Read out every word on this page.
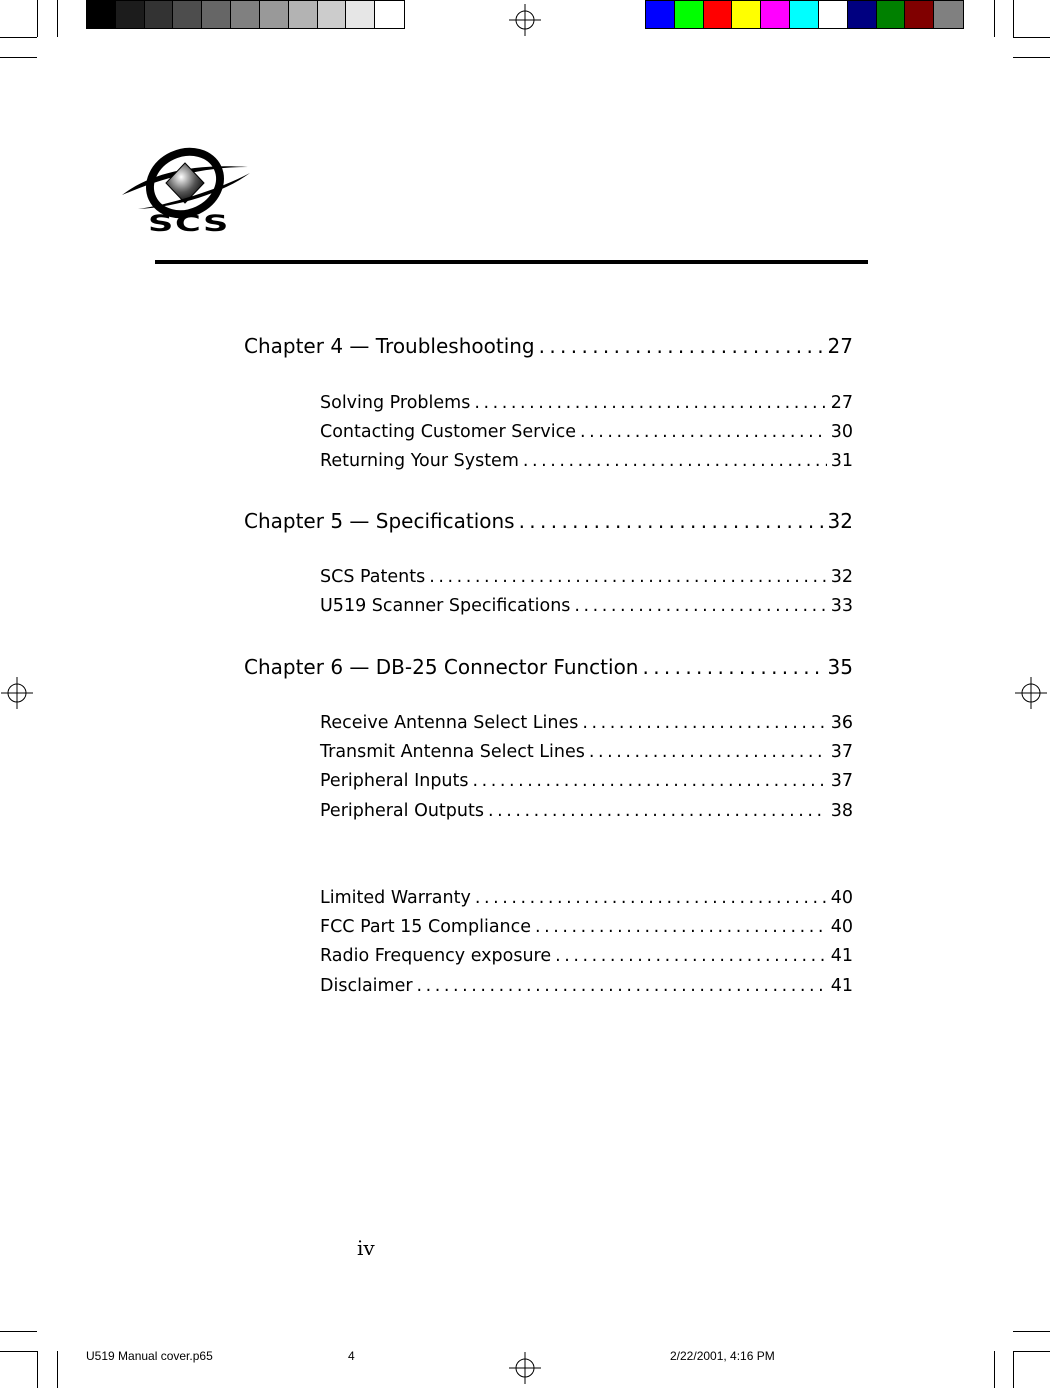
SCS
Chapter 4 — Troubleshooting . . .	27
Solving Problems . . .	27
Contacting Customer Service . . .	30
Returning Your System . . .	31
Chapter 5 — Specifications . . .	32
SCS Patents . . .	32
U519 Scanner Specifications . . .	33
Chapter 6 — DB-25 Connector Function . . .	35
Receive Antenna Select Lines . . .	36
Transmit Antenna Select Lines . . .	37
Peripheral Inputs . . .	37
Peripheral Outputs . . .	38
Limited Warranty . . .	40
FCC Part 15 Compliance . . .	40
Radio Frequency exposure . . .	41
Disclaimer . . .	41
iv
U519 Manual cover.p65	4	2/22/2001, 4:16 PM
